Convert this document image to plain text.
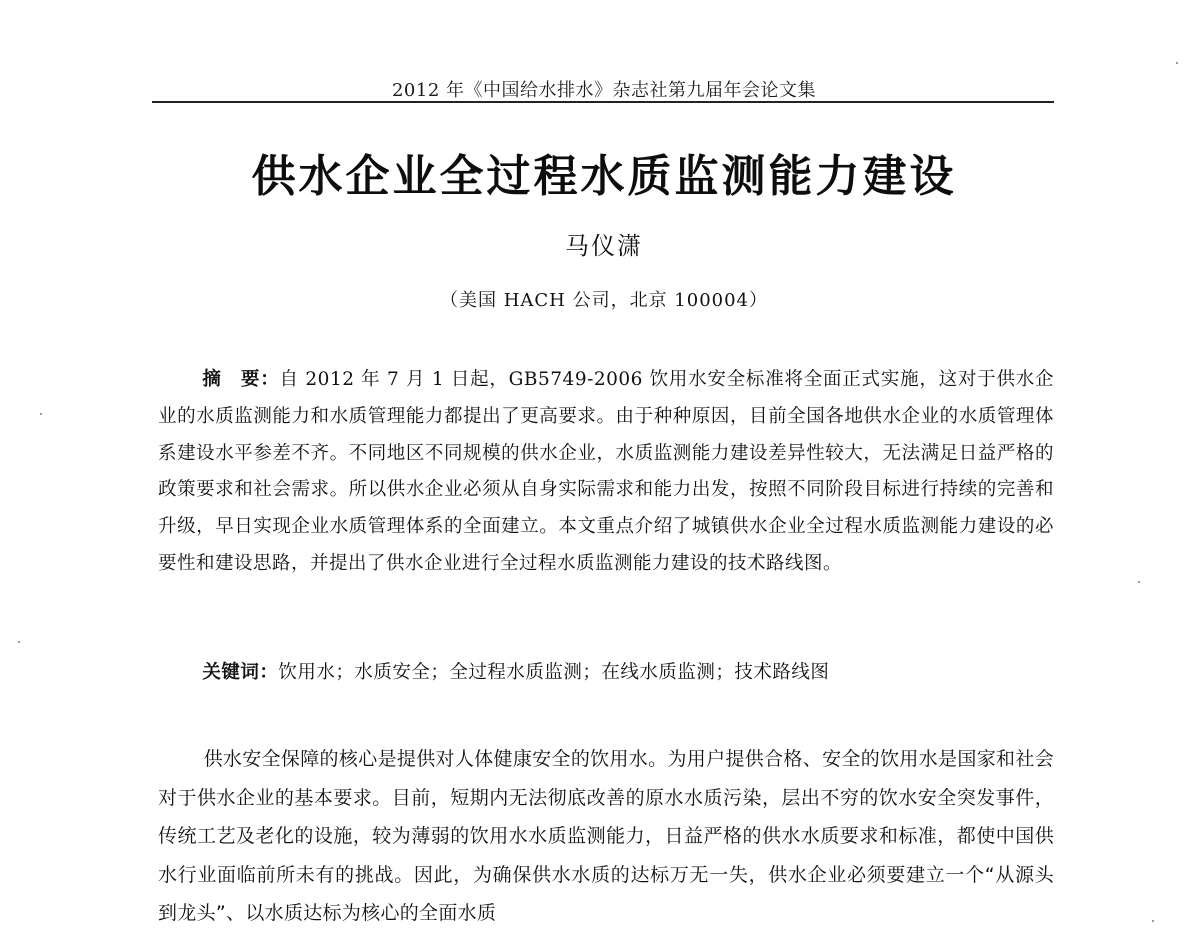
2012 年《中国给水排水》杂志社第九届年会论文集
供水企业全过程水质监测能力建设
马仪潇
（美国 HACH 公司，北京 100004）

摘　要：自 2012 年 7 月 1 日起，GB5749-2006 饮用水安全标准将全面正式实施，这对于供水企业的水质监测能力和水质管理能力都提出了更高要求。由于种种原因，目前全国各地供水企业的水质管理体系建设水平参差不齐。不同地区不同规模的供水企业，水质监测能力建设差异性较大，无法满足日益严格的政策要求和社会需求。所以供水企业必须从自身实际需求和能力出发，按照不同阶段目标进行持续的完善和升级，早日实现企业水质管理体系的全面建立。本文重点介绍了城镇供水企业全过程水质监测能力建设的必要性和建设思路，并提出了供水企业进行全过程水质监测能力建设的技术路线图。

关键词：饮用水；水质安全；全过程水质监测；在线水质监测；技术路线图

供水安全保障的核心是提供对人体健康安全的饮用水。为用户提供合格、安全的饮用水是国家和社会对于供水企业的基本要求。目前，短期内无法彻底改善的原水水质污染，层出不穷的饮水安全突发事件，传统工艺及老化的设施，较为薄弱的饮用水水质监测能力，日益严格的供水水质要求和标准，都使中国供水行业面临前所未有的挑战。因此，为确保供水水质的达标万无一失，供水企业必须要建立一个“从源头到龙头”、以水质达标为核心的全面水质
